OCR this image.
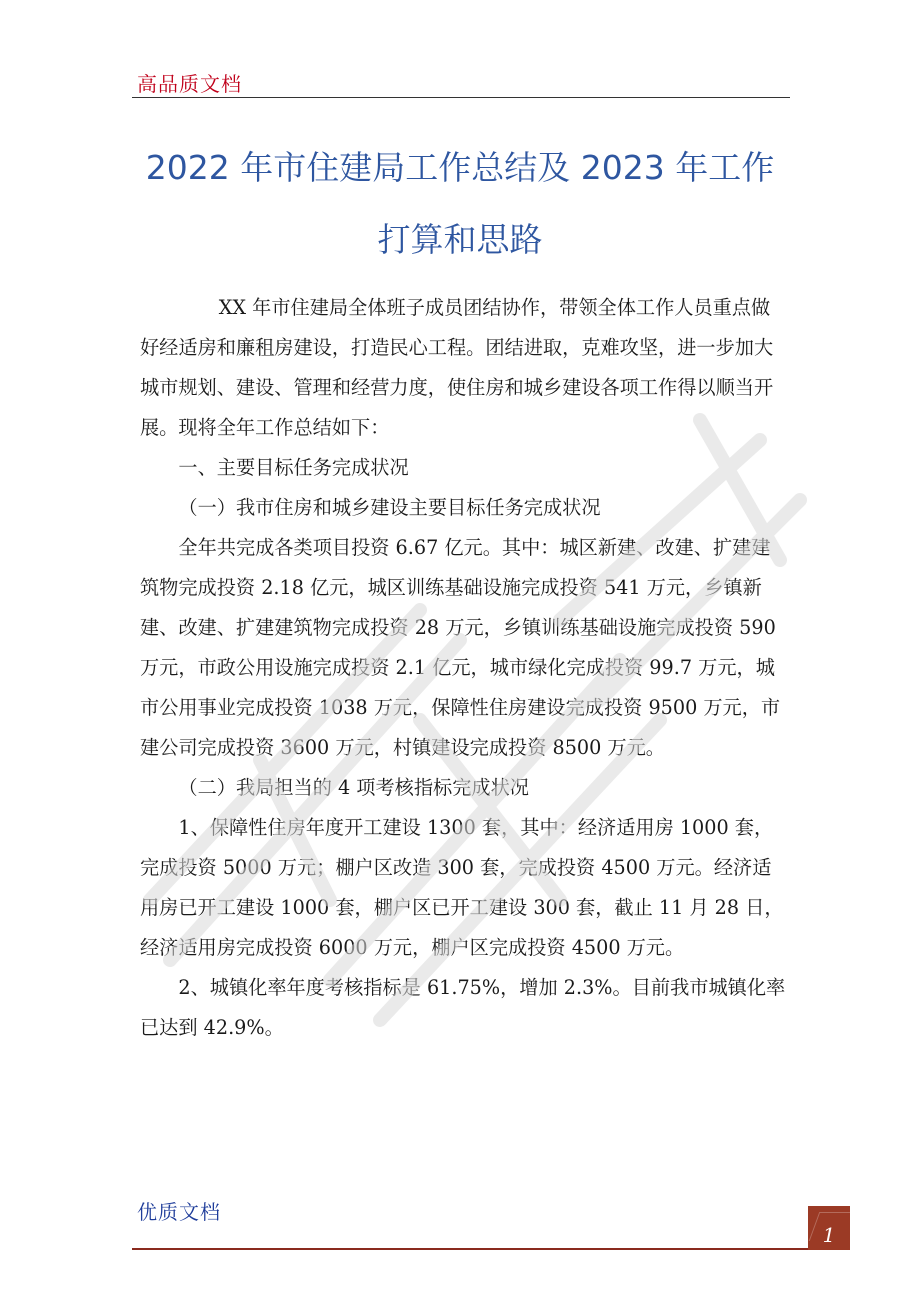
高品质文档
2022 年市住建局工作总结及 2023 年工作
打算和思路

XX 年市住建局全体班子成员团结协作，带领全体工作人员重点做好经适房和廉租房建设，打造民心工程。团结进取，克难攻坚，进一步加大城市规划、建设、管理和经营力度，使住房和城乡建设各项工作得以顺当开展。现将全年工作总结如下：

一、主要目标任务完成状况

（一）我市住房和城乡建设主要目标任务完成状况

全年共完成各类项目投资 6.67 亿元。其中：城区新建、改建、扩建建筑物完成投资 2.18 亿元，城区训练基础设施完成投资 541 万元，乡镇新建、改建、扩建建筑物完成投资 28 万元，乡镇训练基础设施完成投资 590 万元，市政公用设施完成投资 2.1 亿元，城市绿化完成投资 99.7 万元，城市公用事业完成投资 1038 万元，保障性住房建设完成投资 9500 万元，市建公司完成投资 3600 万元，村镇建设完成投资 8500 万元。

（二）我局担当的 4 项考核指标完成状况

1、保障性住房年度开工建设 1300 套，其中：经济适用房 1000 套，完成投资 5000 万元；棚户区改造 300 套，完成投资 4500 万元。经济适用房已开工建设 1000 套，棚户区已开工建设 300 套，截止 11 月 28 日，经济适用房完成投资 6000 万元，棚户区完成投资 4500 万元。

2、城镇化率年度考核指标是 61.75%，增加 2.3%。目前我市城镇化率已达到 42.9%。

优质文档
1
